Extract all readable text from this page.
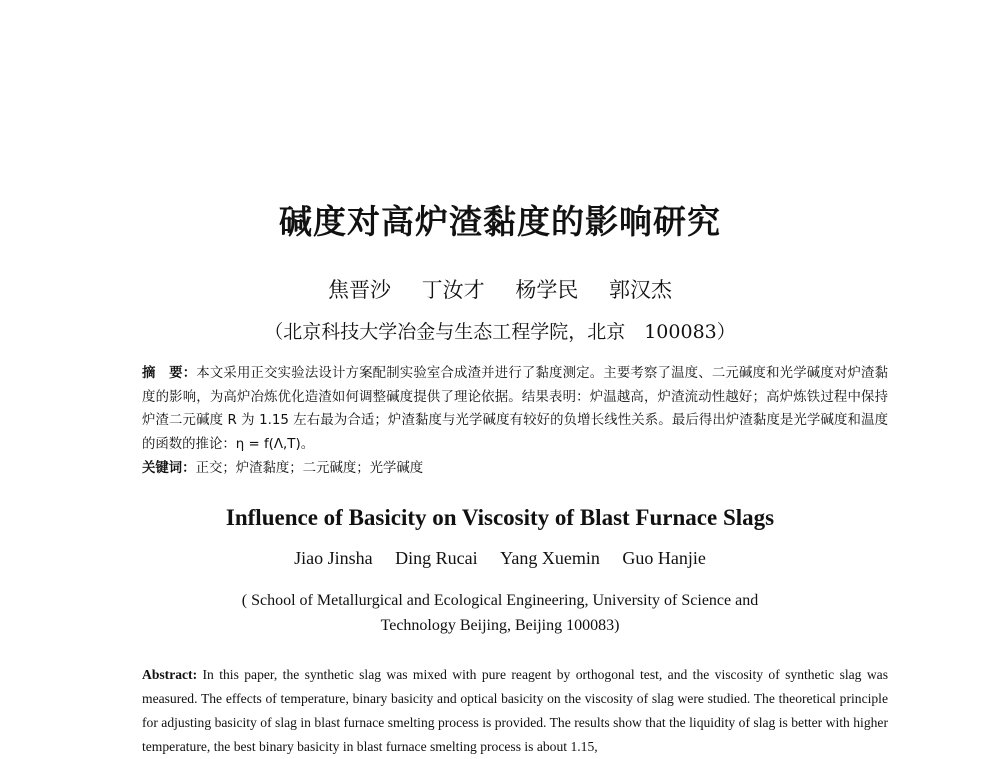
碱度对高炉渣黏度的影响研究
焦晋沙 丁汝才 杨学民 郭汉杰
（北京科技大学冶金与生态工程学院，北京　100083）
摘　要：本文采用正交实验法设计方案配制实验室合成渣并进行了黏度测定。主要考察了温度、二元碱度和光学碱度对炉渣黏度的影响，为高炉冶炼优化造渣如何调整碱度提供了理论依据。结果表明：炉温越高，炉渣流动性越好；高炉炼铁过程中保持炉渣二元碱度 R 为 1.15 左右最为合适；炉渣黏度与光学碱度有较好的负增长线性关系。最后得出炉渣黏度是光学碱度和温度的函数的推论：η = f(Λ,T)。
关键词：正交；炉渣黏度；二元碱度；光学碱度
Influence of Basicity on Viscosity of Blast Furnace Slags
Jiao Jinsha Ding Rucai Yang Xuemin Guo Hanjie
( School of Metallurgical and Ecological Engineering, University of Science and
Technology Beijing, Beijing 100083)
Abstract: In this paper, the synthetic slag was mixed with pure reagent by orthogonal test, and the viscosity of synthetic slag was measured. The effects of temperature, binary basicity and optical basicity on the viscosity of slag were studied. The theoretical principle for adjusting basicity of slag in blast furnace smelting process is provided. The results show that the liquidity of slag is better with higher temperature, the best binary basicity in blast furnace smelting process is about 1.15,
